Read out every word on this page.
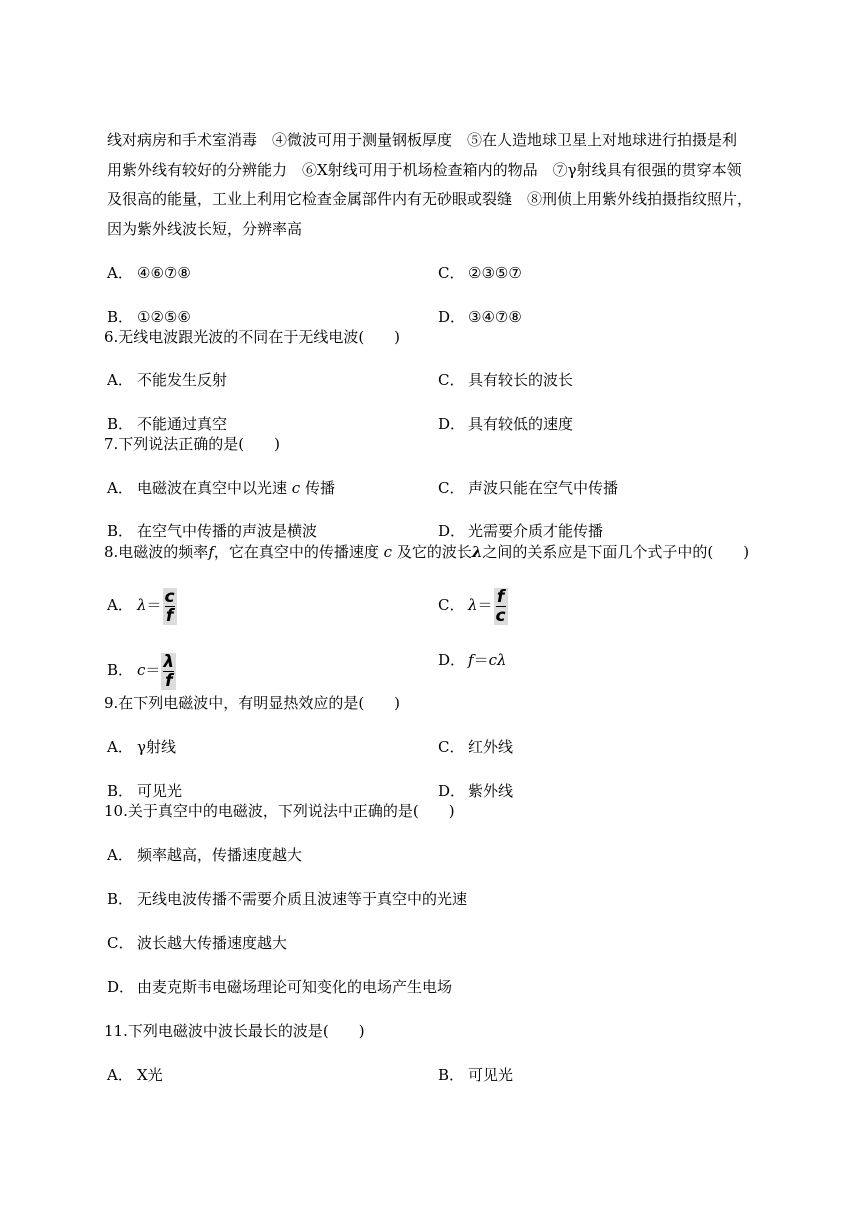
线对病房和手术室消毒　④微波可用于测量钢板厚度　⑤在人造地球卫星上对地球进行拍摄是利
用紫外线有较好的分辨能力　⑥X射线可用于机场检查箱内的物品　⑦γ射线具有很强的贯穿本领
及很高的能量，工业上利用它检查金属部件内有无砂眼或裂缝　⑧刑侦上用紫外线拍摄指纹照片，
因为紫外线波长短，分辨率高
A． ④⑥⑦⑧	C． ②③⑤⑦
B． ①②⑤⑥	D． ③④⑦⑧
6.无线电波跟光波的不同在于无线电波(　　)
A． 不能发生反射	C． 具有较长的波长
B． 不能通过真空	D． 具有较低的速度
7.下列说法正确的是(　　)
A． 电磁波在真空中以光速 c 传播	C． 声波只能在空气中传播
B． 在空气中传播的声波是横波	D． 光需要介质才能传播
8.电磁波的频率f，它在真空中的传播速度 c 及它的波长λ之间的关系应是下面几个式子中的(　　)
A． $\lambda= \frac{c}{f}$	C． $\lambda= \frac{f}{c}$
B． $c= \frac{\lambda}{f}$	D． f＝cλ
9.在下列电磁波中，有明显热效应的是(　　)
A． γ射线	C． 红外线
B． 可见光	D． 紫外线
10.关于真空中的电磁波，下列说法中正确的是(　　)
A． 频率越高，传播速度越大
B． 无线电波传播不需要介质且波速等于真空中的光速
C． 波长越大传播速度越大
D． 由麦克斯韦电磁场理论可知变化的电场产生电场
11.下列电磁波中波长最长的波是(　　)
A． X光	B． 可见光
